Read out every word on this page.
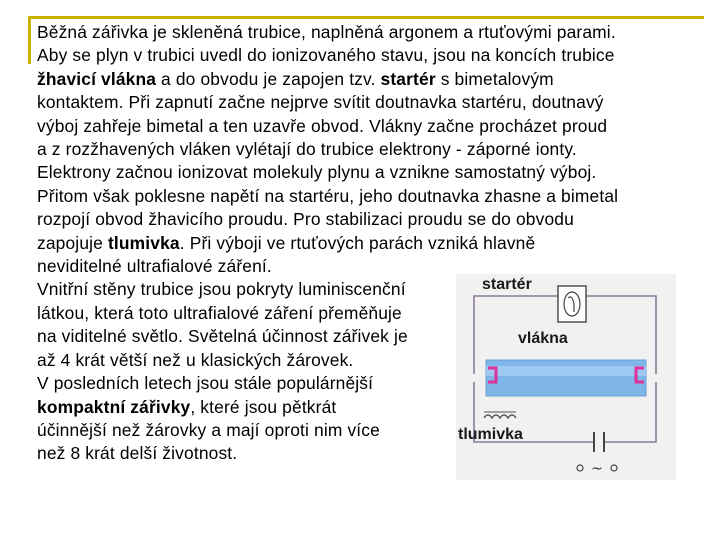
Běžná zářivka je skleněná trubice, naplněná argonem a rtuťovými parami.
Aby se plyn v trubici uvedl do ionizovaného stavu, jsou na koncích trubice
žhavicí vlákna a do obvodu je zapojen tzv. startér s bimetalovým
kontaktem. Při zapnutí začne nejprve svítit doutnavka startéru, doutnavý
výboj zahřeje bimetal a ten uzavře obvod. Vlákny začne procházet proud
a z rozžhavených vláken vylétají do trubice elektrony - záporné ionty.
Elektrony začnou ionizovat molekuly plynu a vznikne samostatný výboj.
Přitom však poklesne napětí na startéru, jeho doutnavka zhasne a bimetal
rozpojí obvod žhavicího proudu. Pro stabilizaci proudu se do obvodu
zapojuje tlumivka. Při výboji ve rtuťových parách vzniká hlavně
neviditelné ultrafialové záření.
Vnitřní stěny trubice jsou pokryty luminiscenční
látkou, která toto ultrafialové záření přeměňuje
na viditelné světlo. Světelná účinnost zářivek je
až 4 krát větší než u klasických žárovek.
V posledních letech jsou stále populárnější
kompaktní zářivky, které jsou pětkrát
účinnější než žárovky a mají oproti nim více
než 8 krát delší životnost.
~
startér
vlákna
tlumivka
